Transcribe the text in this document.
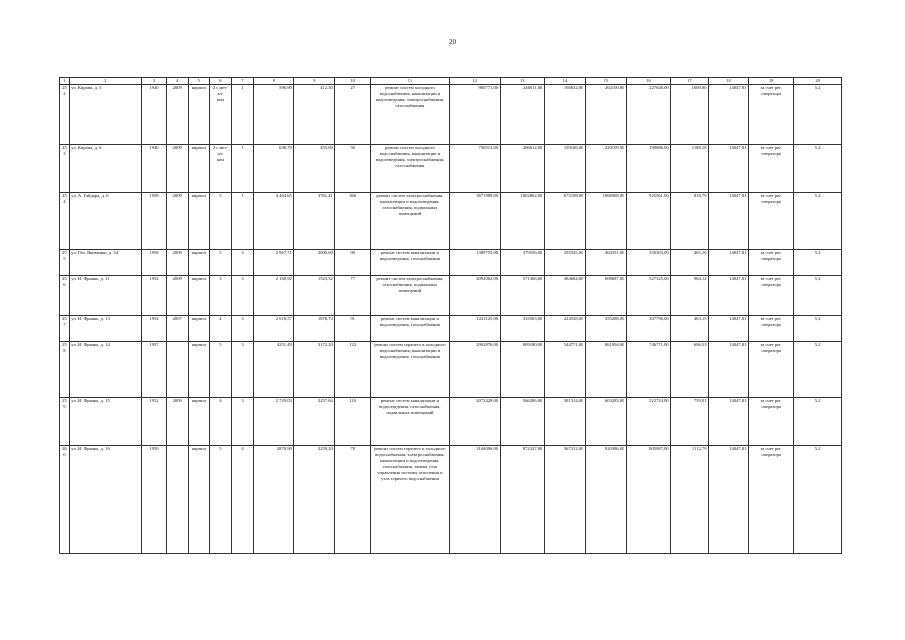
20
1	2	3	4	5	6	7	8	9	10	11	12	13	14	15	16	17	18	19	20

252	ул. Кирова, д. 5	1940	2009	кирпич	2 с мет-
ал-
ком	1	596,90	412,30	27	ремонт систем холодного водоснабжения, канализации и водоотведения, электроснабжения, газоснабжения	960771,00	246011,00	166632,00	262100,00	227648,00	1609,00	14047,81	за счет рег. оператора	5,2

253	ул. Кирова, д. 6	1940	2009	кирпич	2 с мет-
ал-
ком	1	636,70	455,60	30	ремонт систем холодного водоснабжения, канализации и водоотведения, электроснабжения, газоснабжения	756513,00	206612,00	139106,00	220109,00	190686,00	1188,18	14047,81	за счет рег. оператора	5,2

254	ул. А. Гайдара, д. 6	1958	2009	кирпич	5	1	4 464,65	3761,41	366	ремонт систем электроснабжения, канализации и водоотведения, газоснабжения, подвальных помещений	3671989,00	1002862,00	675198,00	1068368,00	925561,00	818,79	14047,81	за счет рег. оператора	5,2

255	ул. Ген. Якименко, д. 54	1958	2009	кирпич	5	3	2 967,71	2000,60	90	ремонт систем канализации и водоотведения, газоснабжения	1389755,00	379556,00	255545,00	404351,00	350303,00	465,16	14047,81	за счет рег. оператора	5,2

256	ул. И. Франко, д. 11	1952	2009	кирпич	3	3	2 160,92	1523,32	77	ремонт систем электроснабжения, газоснабжения, подвальных помещений	2092062,00	571366,00	384684,00	608687,00	527325,00	964,12	14047,81	за счет рег. оператора	5,2

257	ул. И. Франко, д. 13	1954	2007	кирпич	4	3	2 616,57	1878,74	91	ремонт систем канализации и водоотведения, газоснабжения	1221125,00	333503,00	224538,00	355288,00	307796,00	463,15	14047,81	за счет рег. оператора	5,2

258	ул. И. Франко, д. 14	1957		кирпич	5	3	4251,49	3172,20	122	ремонт систем горячего и холодного водоснабжения, канализации и водоотведения, газоснабжения	2962876,00	809180,00	544771,00	861994,00	746771,00	696,53	14047,81	за счет рег. оператора	5,2

259	ул. И. Франко, д. 15	1952	2009	кирпич	4	3	2 729,03	2257,64	110	ремонт систем канализации и водоотведения, газоснабжения, подвальных помещений	2073428,00	566286,00	381314,00	603283,00	522724,00	759,91	14047,81	за счет рег. оператора	5,2

260	ул. И. Франко, д. 16	1959		кирпич	5	4	2870,90	2259,20	78	ремонт систем горячего и холодного водоснабжения, электроснабжения, канализации и водоотведения, газоснабжения, замена узла управления системы отопления и узла горячего водоснабжения	3104096,00	872327,00	567312,00	920386,00	805087,00	1112,79	14047,81	за счет рег. оператора	5,2
